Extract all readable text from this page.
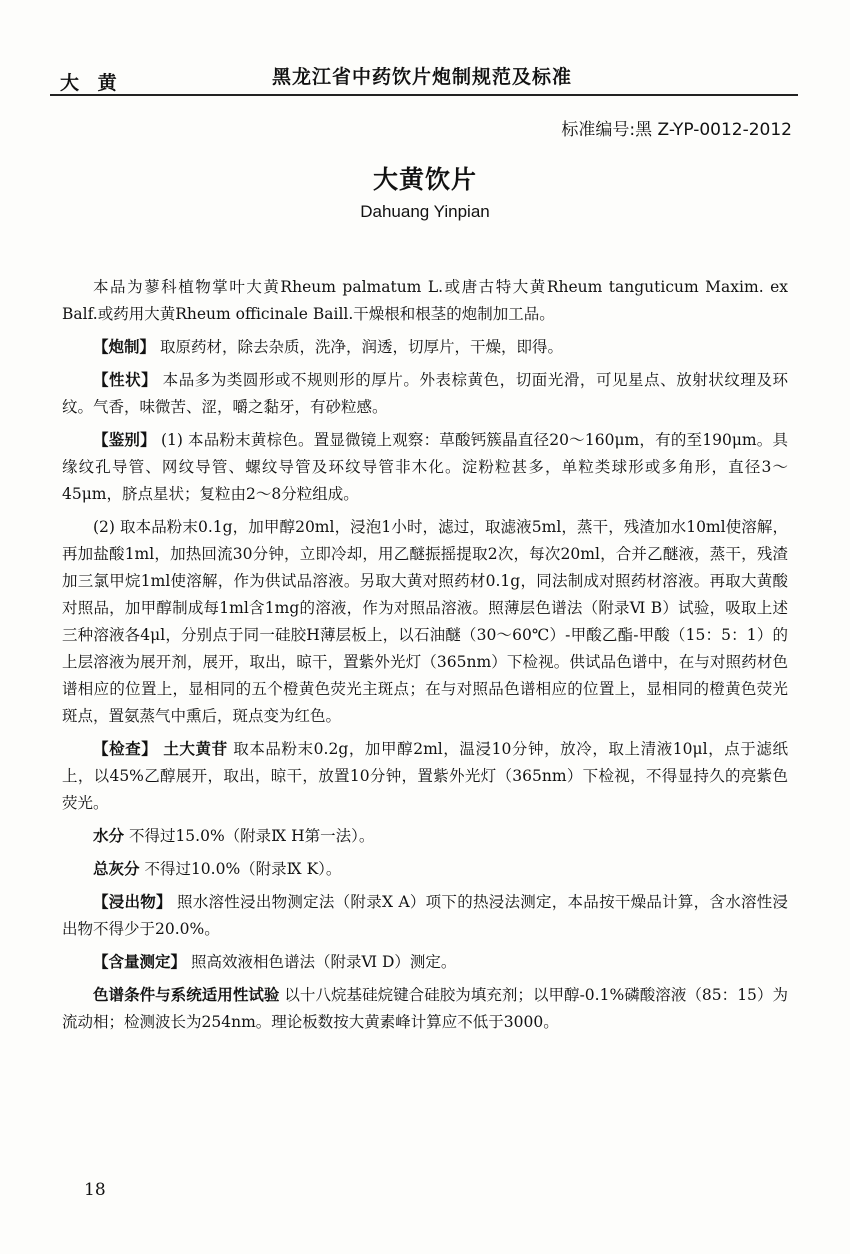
大 黄	黑龙江省中药饮片炮制规范及标准
标准编号:黑 Z-YP-0012-2012
大黄饮片
Dahuang Yinpian

本品为蓼科植物掌叶大黄Rheum palmatum L.或唐古特大黄Rheum tanguticum Maxim. ex Balf.或药用大黄Rheum officinale Baill.干燥根和根茎的炮制加工品。

【炮制】 取原药材，除去杂质，洗净，润透，切厚片，干燥，即得。

【性状】 本品多为类圆形或不规则形的厚片。外表棕黄色，切面光滑，可见星点、放射状纹理及环纹。气香，味微苦、涩，嚼之黏牙，有砂粒感。

【鉴别】 (1) 本品粉末黄棕色。置显微镜上观察：草酸钙簇晶直径20～160μm，有的至190μm。具缘纹孔导管、网纹导管、螺纹导管及环纹导管非木化。淀粉粒甚多，单粒类球形或多角形，直径3～45μm，脐点星状；复粒由2～8分粒组成。

(2) 取本品粉末0.1g，加甲醇20ml，浸泡1小时，滤过，取滤液5ml，蒸干，残渣加水10ml使溶解，再加盐酸1ml，加热回流30分钟，立即冷却，用乙醚振摇提取2次，每次20ml，合并乙醚液，蒸干，残渣加三氯甲烷1ml使溶解，作为供试品溶液。另取大黄对照药材0.1g，同法制成对照药材溶液。再取大黄酸对照品，加甲醇制成每1ml含1mg的溶液，作为对照品溶液。照薄层色谱法（附录Ⅵ B）试验，吸取上述三种溶液各4μl，分别点于同一硅胶H薄层板上，以石油醚（30～60℃）-甲酸乙酯-甲酸（15：5：1）的上层溶液为展开剂，展开，取出，晾干，置紫外光灯（365nm）下检视。供试品色谱中，在与对照药材色谱相应的位置上，显相同的五个橙黄色荧光主斑点；在与对照品色谱相应的位置上，显相同的橙黄色荧光斑点，置氨蒸气中熏后，斑点变为红色。

【检查】 土大黄苷 取本品粉末0.2g，加甲醇2ml，温浸10分钟，放冷，取上清液10μl，点于滤纸上，以45%乙醇展开，取出，晾干，放置10分钟，置紫外光灯（365nm）下检视，不得显持久的亮紫色荧光。

水分 不得过15.0%（附录Ⅸ H第一法）。

总灰分 不得过10.0%（附录Ⅸ K）。

【浸出物】 照水溶性浸出物测定法（附录Ⅹ A）项下的热浸法测定，本品按干燥品计算，含水溶性浸出物不得少于20.0%。

【含量测定】 照高效液相色谱法（附录Ⅵ D）测定。

色谱条件与系统适用性试验 以十八烷基硅烷键合硅胶为填充剂；以甲醇-0.1%磷酸溶液（85：15）为流动相；检测波长为254nm。理论板数按大黄素峰计算应不低于3000。

18
